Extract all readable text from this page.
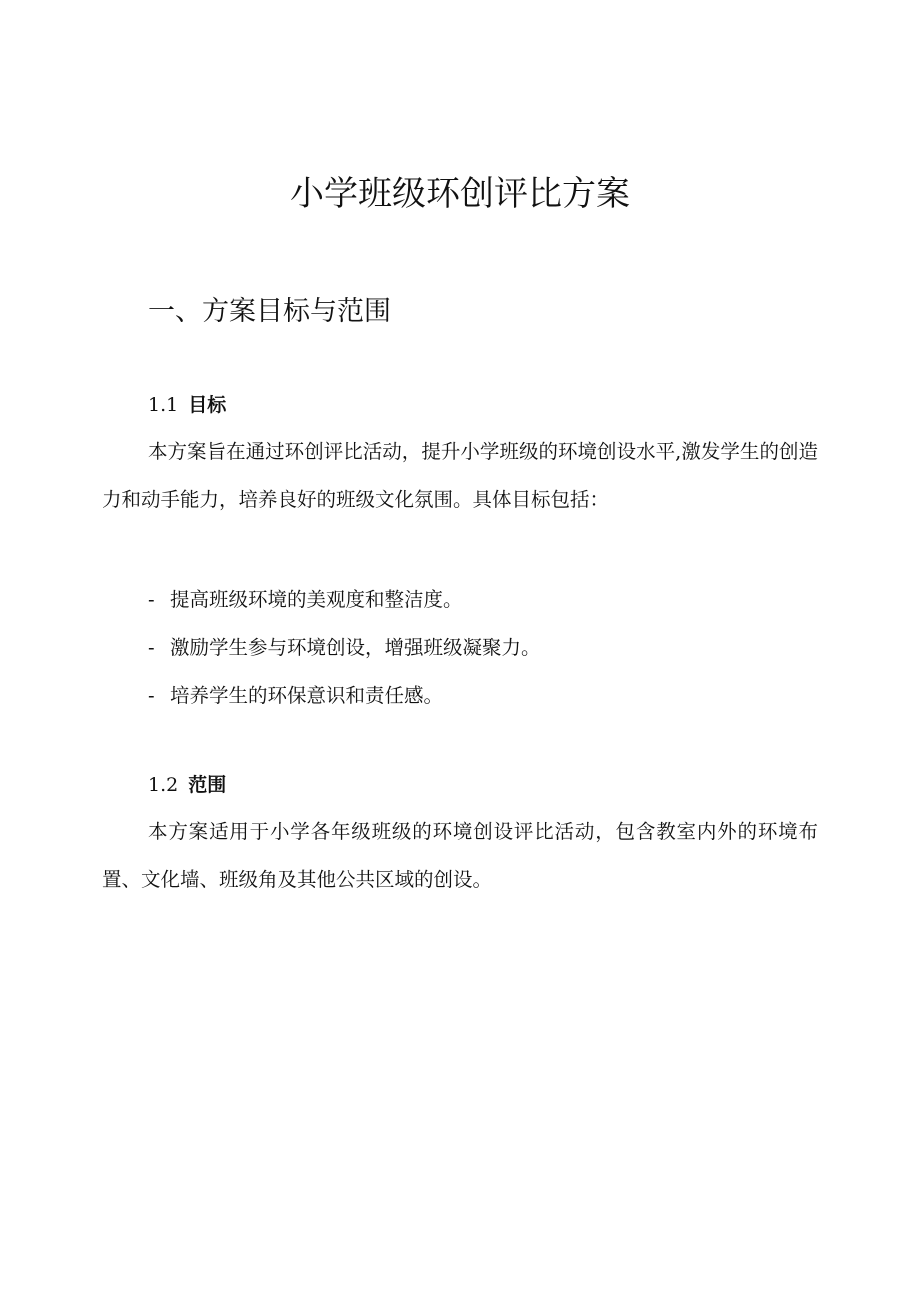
小学班级环创评比方案
一、方案目标与范围
1.1 目标

本方案旨在通过环创评比活动，提升小学班级的环境创设水平,激发学生的创造力和动手能力，培养良好的班级文化氛围。具体目标包括：

- 提高班级环境的美观度和整洁度。
- 激励学生参与环境创设，增强班级凝聚力。
- 培养学生的环保意识和责任感。
1.2 范围

本方案适用于小学各年级班级的环境创设评比活动，包含教室内外的环境布置、文化墙、班级角及其他公共区域的创设。
